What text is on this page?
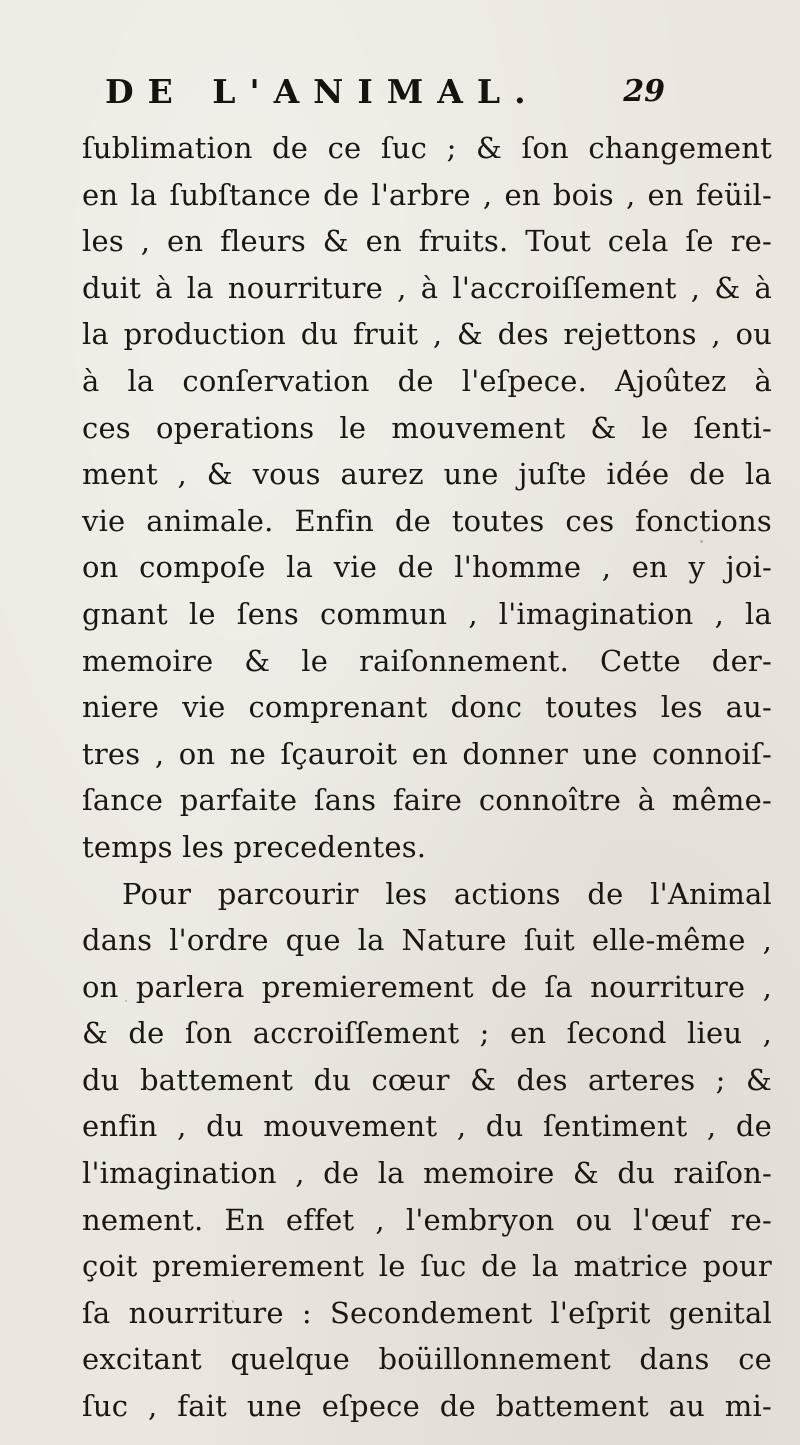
DE L'ANIMAL.	29
ſublimation de ce ſuc ; & ſon changement
en la ſubſtance de l'arbre , en bois , en feüil-
les , en fleurs & en fruits. Tout cela ſe re-
duit à la nourriture , à l'accroiſſement , & à
la production du fruit , & des rejettons , ou
à la conſervation de l'eſpece. Ajoûtez à
ces operations le mouvement & le ſenti-
ment , & vous aurez une juſte idée de la
vie animale. Enfin de toutes ces fonctions
on compoſe la vie de l'homme , en y joi-
gnant le ſens commun , l'imagination , la
memoire & le raiſonnement. Cette der-
niere vie comprenant donc toutes les au-
tres , on ne ſçauroit en donner une connoiſ-
ſance parfaite ſans faire connoître à même-
temps les precedentes.
Pour parcourir les actions de l'Animal
dans l'ordre que la Nature ſuit elle-même ,
on parlera premierement de ſa nourriture ,
& de ſon accroiſſement ; en ſecond lieu ,
du battement du cœur & des arteres ; &
enfin , du mouvement , du ſentiment , de
l'imagination , de la memoire & du raiſon-
nement. En effet , l'embryon ou l'œuf re-
çoit premierement le ſuc de la matrice pour
ſa nourriture : Secondement l'eſprit genital
excitant quelque boüillonnement dans ce
ſuc , fait une eſpece de battement au mi-
